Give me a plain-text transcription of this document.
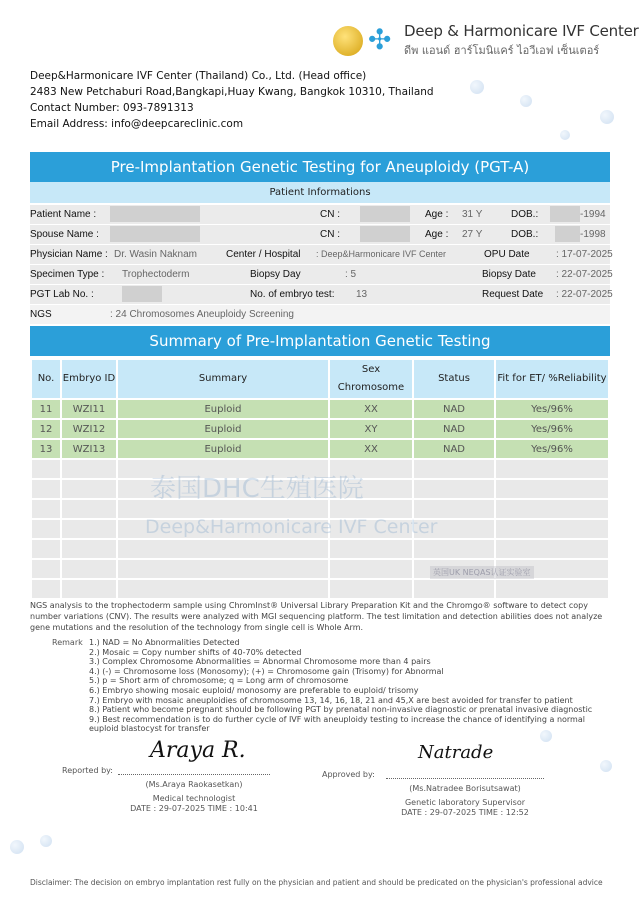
✣ Deep & Harmonicare IVF Center
ดีพ แอนด์ ฮาร์โมนิแคร์ ไอวีเอฟ เซ็นเตอร์
Deep&Harmonicare IVF Center (Thailand) Co., Ltd. (Head office)
2483 New Petchaburi Road,Bangkapi,Huay Kwang, Bangkok 10310, Thailand
Contact Number: 093-7891313
Email Address: info@deepcareclinic.com
Pre-Implantation Genetic Testing for Aneuploidy (PGT-A)
Patient Informations
Patient Name :	CN :	Age : 31 Y	DOB.:	-1994
Spouse Name :	CN :	Age : 27 Y	DOB.:	-1998
Physician Name : Dr. Wasin Naknam	Center / Hospital : Deep&Harmonicare IVF Center	OPU Date	: 17-07-2025
Specimen Type : Trophectoderm	Biopsy Day	: 5	Biopsy Date : 22-07-2025
PGT Lab No. :	No. of embryo test: 13	Request Date : 22-07-2025
NGS	: 24 Chromosomes Aneuploidy Screening
Summary of Pre-Implantation Genetic Testing
No.	Embryo ID	Summary	Sex Chromosome	Status	Fit for ET/ %Reliability
11	WZI11	Euploid	XX	NAD	Yes/96%
12	WZI12	Euploid	XY	NAD	Yes/96%
13	WZI13	Euploid	XX	NAD	Yes/96%

泰国DHC生殖医院
Deep&Harmonicare IVF Center
英国UK NEQAS认证实验室
NGS analysis to the trophectoderm sample using ChromInst® Universal Library Preparation Kit and the Chromgo® software to detect copy number variations (CNV). The results were analyzed with MGI sequencing platform. The test limitation and detection abilities does not analyze gene mutations and the resolution of the technology from single cell is Whole Arm.
Remark 1.) NAD = No Abnormalities Detected
2.) Mosaic = Copy number shifts of 40-70% detected
3.) Complex Chromosome Abnormalities = Abnormal Chromosome more than 4 pairs
4.) (-) = Chromosome loss (Monosomy); (+) = Chromosome gain (Trisomy) for Abnormal
5.) p = Short arm of chromosome; q = Long arm of chromosome
6.) Embryo showing mosaic euploid/ monosomy are preferable to euploid/ trisomy
7.) Embryo with mosaic aneuploidies of chromosome 13, 14, 16, 18, 21 and 45,X are best avoided for transfer to patient
8.) Patient who become pregnant should be following PGT by prenatal non-invasive diagnostic or prenatal invasive diagnostic
9.) Best recommendation is to do further cycle of IVF with aneuploidy testing to increase the chance of identifying a normal euploid blastocyst for transfer
Reported by:
Araya R.
(Ms.Araya Raokasetkan)
Medical technologist
DATE : 29-07-2025 TIME : 10:41
Approved by:
Natrade
(Ms.Natradee Borisutsawat)
Genetic laboratory Supervisor
DATE : 29-07-2025 TIME : 12:52
Disclaimer: The decision on embryo implantation rest fully on the physician and patient and should be predicated on the physician's professional advice
